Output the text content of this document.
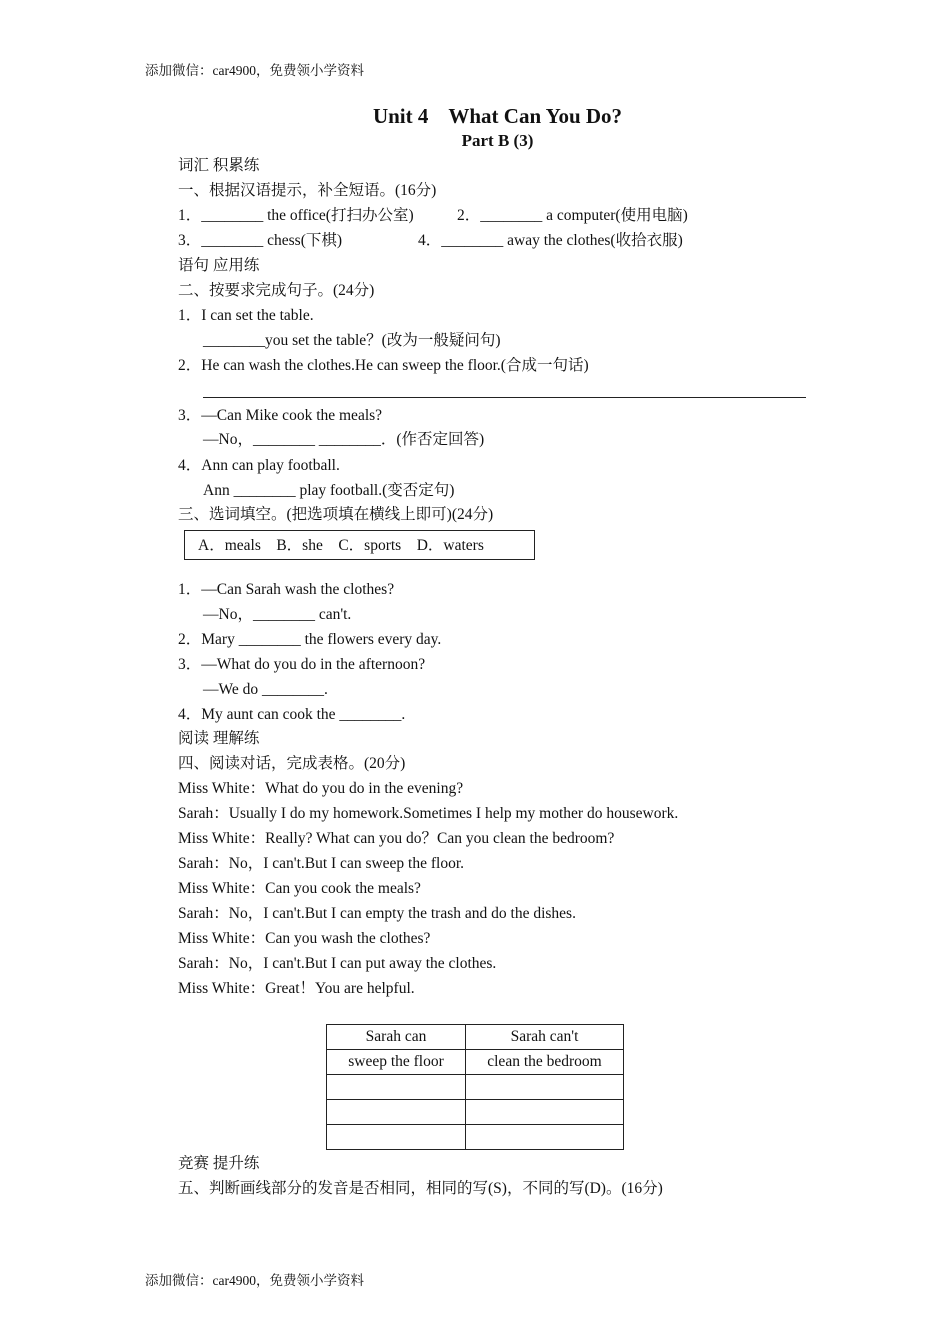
添加微信：car4900，免费领小学资料
Unit 4 What Can You Do?
Part B (3)
词汇 积累练
一、根据汉语提示，补全短语。(16分)
1．________ the office(打扫办公室)	2．________ a computer(使用电脑)
3．________ chess(下棋)	4．________ away the clothes(收拾衣服)
语句 应用练
二、按要求完成句子。(24分)
1．I can set the table.
________you set the table？(改为一般疑问句)
2．He can wash the clothes.He can sweep the floor.(合成一句话)
3．—Can Mike cook the meals?
—No，________ ________．(作否定回答)
4．Ann can play football.
Ann ________ play football.(变否定句)
三、选词填空。(把选项填在横线上即可)(24分)
A．meals　B．she　C．sports　D．waters
1．—Can Sarah wash the clothes?
—No，________ can't.
2．Mary ________ the flowers every day.
3．—What do you do in the afternoon?
—We do ________.
4．My aunt can cook the ________.
阅读 理解练
四、阅读对话，完成表格。(20分)
Miss White：What do you do in the evening?
Sarah：Usually I do my homework.Sometimes I help my mother do housework.
Miss White：Really? What can you do？Can you clean the bedroom?
Sarah：No，I can't.But I can sweep the floor.
Miss White：Can you cook the meals?
Sarah：No，I can't.But I can empty the trash and do the dishes.
Miss White：Can you wash the clothes?
Sarah：No，I can't.But I can put away the clothes.
Miss White：Great！You are helpful.
Sarah can	Sarah can't
sweep the floor	clean the bedroom

竞赛 提升练
五、判断画线部分的发音是否相同，相同的写(S)，不同的写(D)。(16分)
添加微信：car4900，免费领小学资料
